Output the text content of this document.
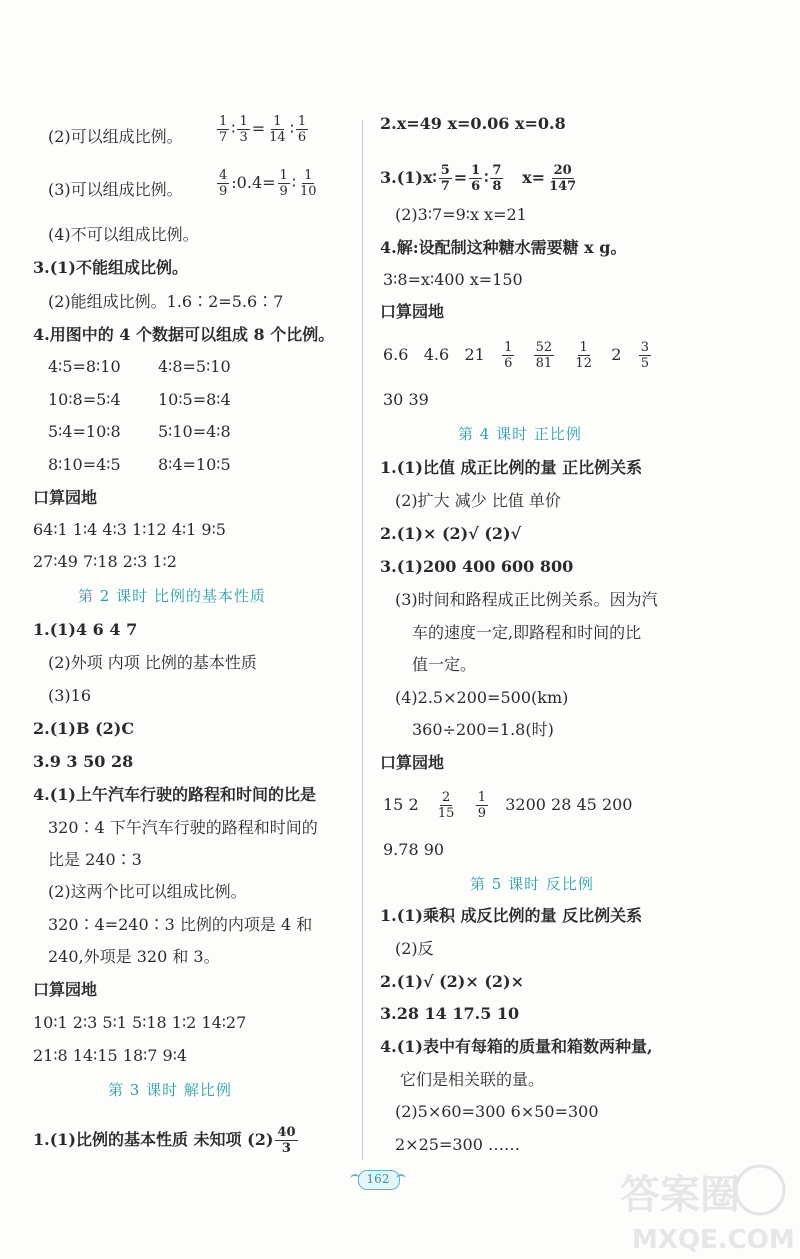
(2)可以组成比例。	$\frac{1}{7}$ ∶ $\frac{1}{3} = \frac{1}{14}$ ∶ $\frac{1}{6}$
(3)可以组成比例。	$\frac{4}{9}$ :0.4= $\frac{1}{9}$ ∶ $\frac{1}{10}$
(4)不可以组成比例。
3.(1)不能组成比例。
(2)能组成比例。1.6∶2=5.6∶7
4.用图中的 4 个数据可以组成 8 个比例。
4∶5=8∶10 4∶8=5∶10
10∶8=5∶4 10∶5=8∶4
5∶4=10∶8 5∶10=4∶8
8∶10=4∶5 8∶4=10∶5
口算园地
64∶1 1∶4 4∶3 1∶12 4∶1 9∶5
27∶49 7∶18 2∶3 1∶2
第 2 课时 比例的基本性质
1.(1)4 6 4 7
(2)外项 内项 比例的基本性质
(3)16
2.(1)B (2)C
3.9 3 50 28
4.(1)上午汽车行驶的路程和时间的比是
320∶4 下午汽车行驶的路程和时间的
比是 240∶3
(2)这两个比可以组成比例。
320∶4=240∶3 比例的内项是 4 和
240,外项是 320 和 3。
口算园地
10∶1 2∶3 5∶1 5∶18 1∶2 14∶27
21∶8 14∶15 18∶7 9∶4
第 3 课时 解比例
1.(1)比例的基本性质 未知项 $(2) \frac{40}{3}$
2.x=49 x=0.06 x=0.8
3.(1)x∶ $\frac{5}{7} = \frac{1}{6}$ ∶ $\frac{7}{8} x= \frac{20}{147}$
(2)3∶7=9∶x x=21
4.解:设配制这种糖水需要糖 x g。
3∶8=x∶400 x=150
口算园地
6.6 4.6 $21 \frac{1}{6}$
$\frac{52}{81}$
$\frac{1}{12} 2 \frac{3}{5}$
30 39
第 4 课时 正比例
1.(1)比值 成正比例的量 正比例关系
(2)扩大 减少 比值 单价
2.(1)× (2)√ (2)√
3.(1)200 400 600 800
(3)时间和路程成正比例关系。因为汽
车的速度一定,即路程和时间的比
值一定。
(4)2.5×200=500(km)
360÷200=1.8(时)
口算园地
15 $2 \frac{2}{15}$
$\frac{1}{9} 3200$ 28 45 200
9.78 90
第 5 课时 反比例
1.(1)乘积 成反比例的量 反比例关系
(2)反
2.(1)√ (2)× (2)×
3.28 14 17.5 10
4.(1)表中有每箱的质量和箱数两种量,
它们是相关联的量。
(2)5×60=300 6×50=300
2×25=300 ……
162	答案圈
MXQE.COM
